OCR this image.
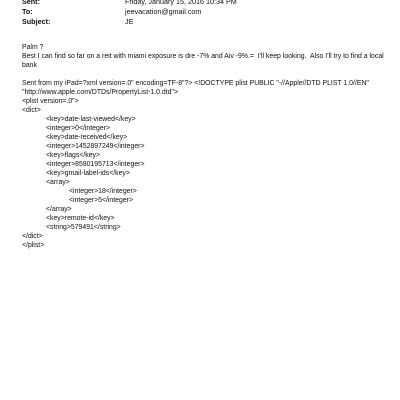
Sent:	Friday, January 15, 2016 10:34 PM
To:	jeevacation@gmail.com
Subject:	JE
Palm ?
Best I can find so far on a reit with miami exposure is dre -7% and Aiv -9%.=  I'll keep looking.  Also I'll try to find a local
bank
Sent from my iPad=?xml version=.0" encoding=TF-8"?> <!DOCTYPE plist PUBLIC "-//Apple//DTD PLIST 1.0//EN"
"http://www.apple.com/DTDs/PropertyList-1.0.dtd">
<plist version=.0">
<dict>
<key>date-last-viewed</key>
<integer>0</integer>
<key>date-received</key>
<integer>1452897249</integer>
<key>flags</key>
<integer>8590195713</integer>
<key>gmail-label-ids</key>
<array>
<integer>18</integer>
<integer>5</integer>
</array>
<key>remote-id</key>
<string>579491</string>
</dict>
</plist>
